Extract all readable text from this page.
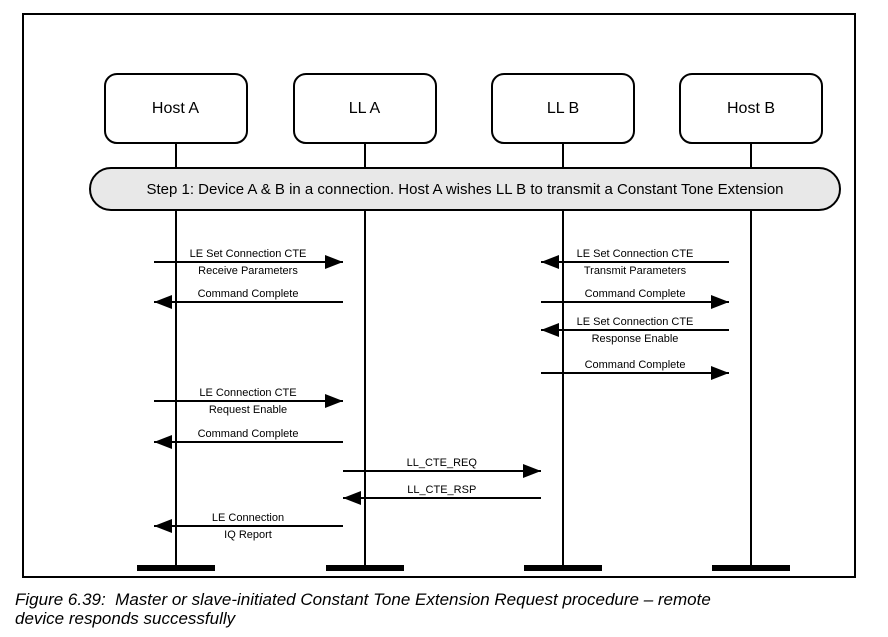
Host A	LL A	LL B	Host B
Step 1: Device A & B in a connection. Host A wishes LL B to transmit a Constant Tone Extension
LE Set Connection CTE
Receive Parameters
LE Set Connection CTE
Transmit Parameters
Command Complete	Command Complete
LE Set Connection CTE
Response Enable
Command Complete
LE Connection CTE
Request Enable
Command Complete
LL_CTE_REQ
LL_CTE_RSP
LE Connection
IQ Report
Figure 6.39:  Master or slave-initiated Constant Tone Extension Request procedure – remote
device responds successfully
